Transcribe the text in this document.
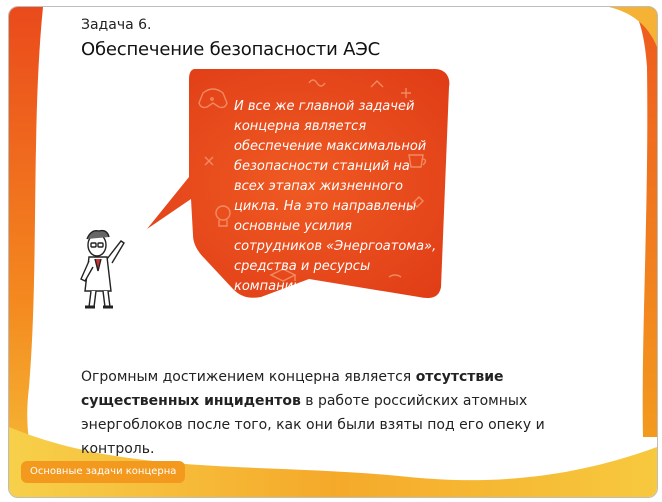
Задача 6.
Обеспечение безопасности АЭС
И все же главной задачей концерна является обеспечение максимальной безопасности станций на всех этапах жизненного цикла. На это направлены основные усилия сотрудников «Энергоатома», средства и ресурсы компании.
Огромным достижением концерна является отсутствие существенных инцидентов в работе российских атомных энергоблоков после того, как они были взяты под его опеку и контроль.
Основные задачи концерна
